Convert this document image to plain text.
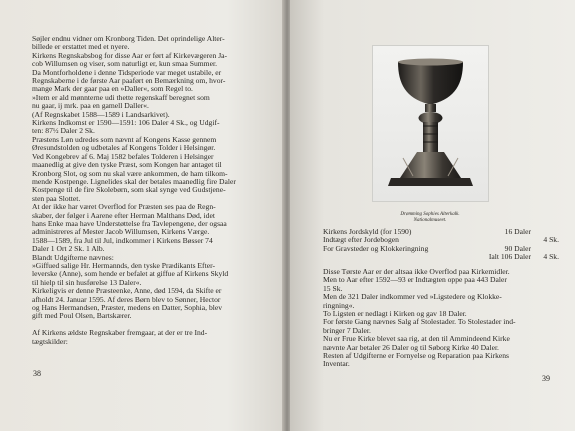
Søjler endnu vidner om Kronborg Tiden. Det oprindelige Alter-
billede er erstattet med et nyere.
Kirkens Regnskabsbog for disse Aar er ført af Kirkevægeren Ja-
cob Willumsen og viser, som naturligt er, kun smaa Summer.
Da Montforholdene i denne Tidsperiode var meget ustabile, er
Regnskaberne i de første Aar paaført en Bemærkning om, hvor-
mange Mark der gaar paa en »Daller«, som Regel to.
»Item er ald mønnterne udi thette regenskaff beregnet som
nu gaar, ij mrk. paa en gamell Daller«.
(Af Regnskabet 1588—1589 i Landsarkivet).
Kirkens Indkomst er 1590—1591: 106 Daler 4 Sk., og Udgif-
ten: 87½ Daler 2 Sk.
Præstens Løn udredes som nævnt af Kongens Kasse gennem
Øresundstolden og udbetales af Kongens Tolder i Helsingør.
Ved Kongebrev af 6. Maj 1582 befales Tolderen i Helsinger
maanedlig at give den tyske Præst, som Kongen har antaget til
Kronborg Slot, og som nu skal være ankommen, de ham tilkom-
mende Kostpenge. Lignelides skal der betales maanedlig fire Daler
Kostpenge til de fire Skolebørn, som skal synge ved Gudstjene-
sten paa Slottet.
At der ikke har været Overflod for Præsten ses paa de Regn-
skaber, der følger i Aarene efter Herman Malthans Død, idet
hans Enke maa have Understøttelse fra Tavlepengene, der ogsaa
administreres af Mester Jacob Willumsen, Kirkens Værge.
1588—1589, fra Jul til Jul, indkommer i Kirkens Bøsser 74
Daler 1 Ort 2 Sk. 1 Alb.
Blandt Udgifterne nævnes:
»Giffued salige Hr. Hermannds, den tyske Prædikants Efter-
leverske (Anne), som hende er befalet at giffue af Kirkens Skyld
til hielp til sin husførelse 13 Daler«.
Kirkeligvis er denne Præsteenke, Anne, død 1594, da Skifte er
afholdt 24. Januar 1595. Af deres Børn blev to Sønner, Hector
og Hans Hermandsen, Præster, medens en Datter, Sophia, blev
gift med Poul Olsen, Bartskærer.
Af Kirkens ældste Regnskaber fremgaar, at der er tre Ind-
tægtskilder:
38
Drømming Sophies Alterkalk.
Nationalmuseet.
Kirkens Jordskyld (for 1590)	16 Daler
Indtægt efter Jordebogen	4 Sk.
For Gravsteder og Klokkeringning	90 Daler
Ialt 106 Daler	4 Sk.
Disse Tørste Aar er der altsaa ikke Overflod paa Kirkemidler.
Men to Aar efter 1592—93 er Indtægten oppe paa 443 Daler
15 Sk.
Men de 321 Daler indkommer ved »Ligstedere og Klokke-
ringning«.
To Ligsten er nedlagt i Kirken og gav 18 Daler.
For første Gang nævnes Salg af Stolestader. To Stolestader ind-
bringer 7 Daler.
Nu er Frue Kirke blevet saa rig, at den til Ammindeend Kirke
nævnte Aar betaler 26 Daler og til Søborg Kirke 40 Daler.
Resten af Udgifterne er Fornyelse og Reparation paa Kirkens
Inventar.
39
